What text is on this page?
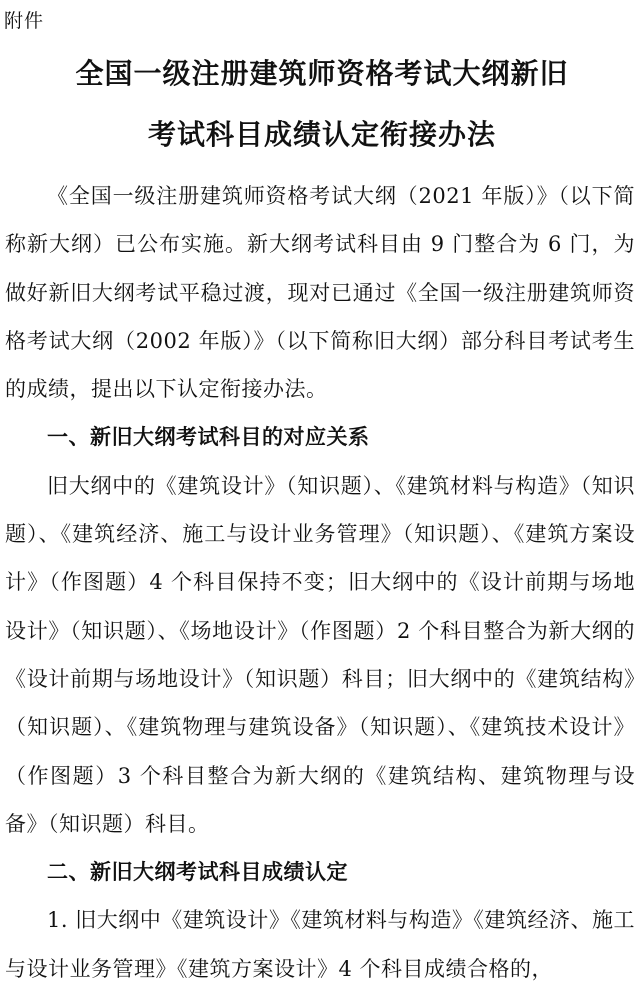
附件
全国一级注册建筑师资格考试大纲新旧
考试科目成绩认定衔接办法

《全国一级注册建筑师资格考试大纲（2021 年版）》（以下简称新大纲）已公布实施。新大纲考试科目由 9 门整合为 6 门，为做好新旧大纲考试平稳过渡，现对已通过《全国一级注册建筑师资格考试大纲（2002 年版）》（以下简称旧大纲）部分科目考试考生的成绩，提出以下认定衔接办法。

一、新旧大纲考试科目的对应关系

旧大纲中的《建筑设计》（知识题）、《建筑材料与构造》（知识题）、《建筑经济、施工与设计业务管理》（知识题）、《建筑方案设计》（作图题）4 个科目保持不变；旧大纲中的《设计前期与场地设计》（知识题）、《场地设计》（作图题）2 个科目整合为新大纲的《设计前期与场地设计》（知识题）科目；旧大纲中的《建筑结构》（知识题）、《建筑物理与建筑设备》（知识题）、《建筑技术设计》（作图题）3 个科目整合为新大纲的《建筑结构、建筑物理与设备》（知识题）科目。

二、新旧大纲考试科目成绩认定

1. 旧大纲中《建筑设计》《建筑材料与构造》《建筑经济、施工与设计业务管理》《建筑方案设计》4 个科目成绩合格的，
